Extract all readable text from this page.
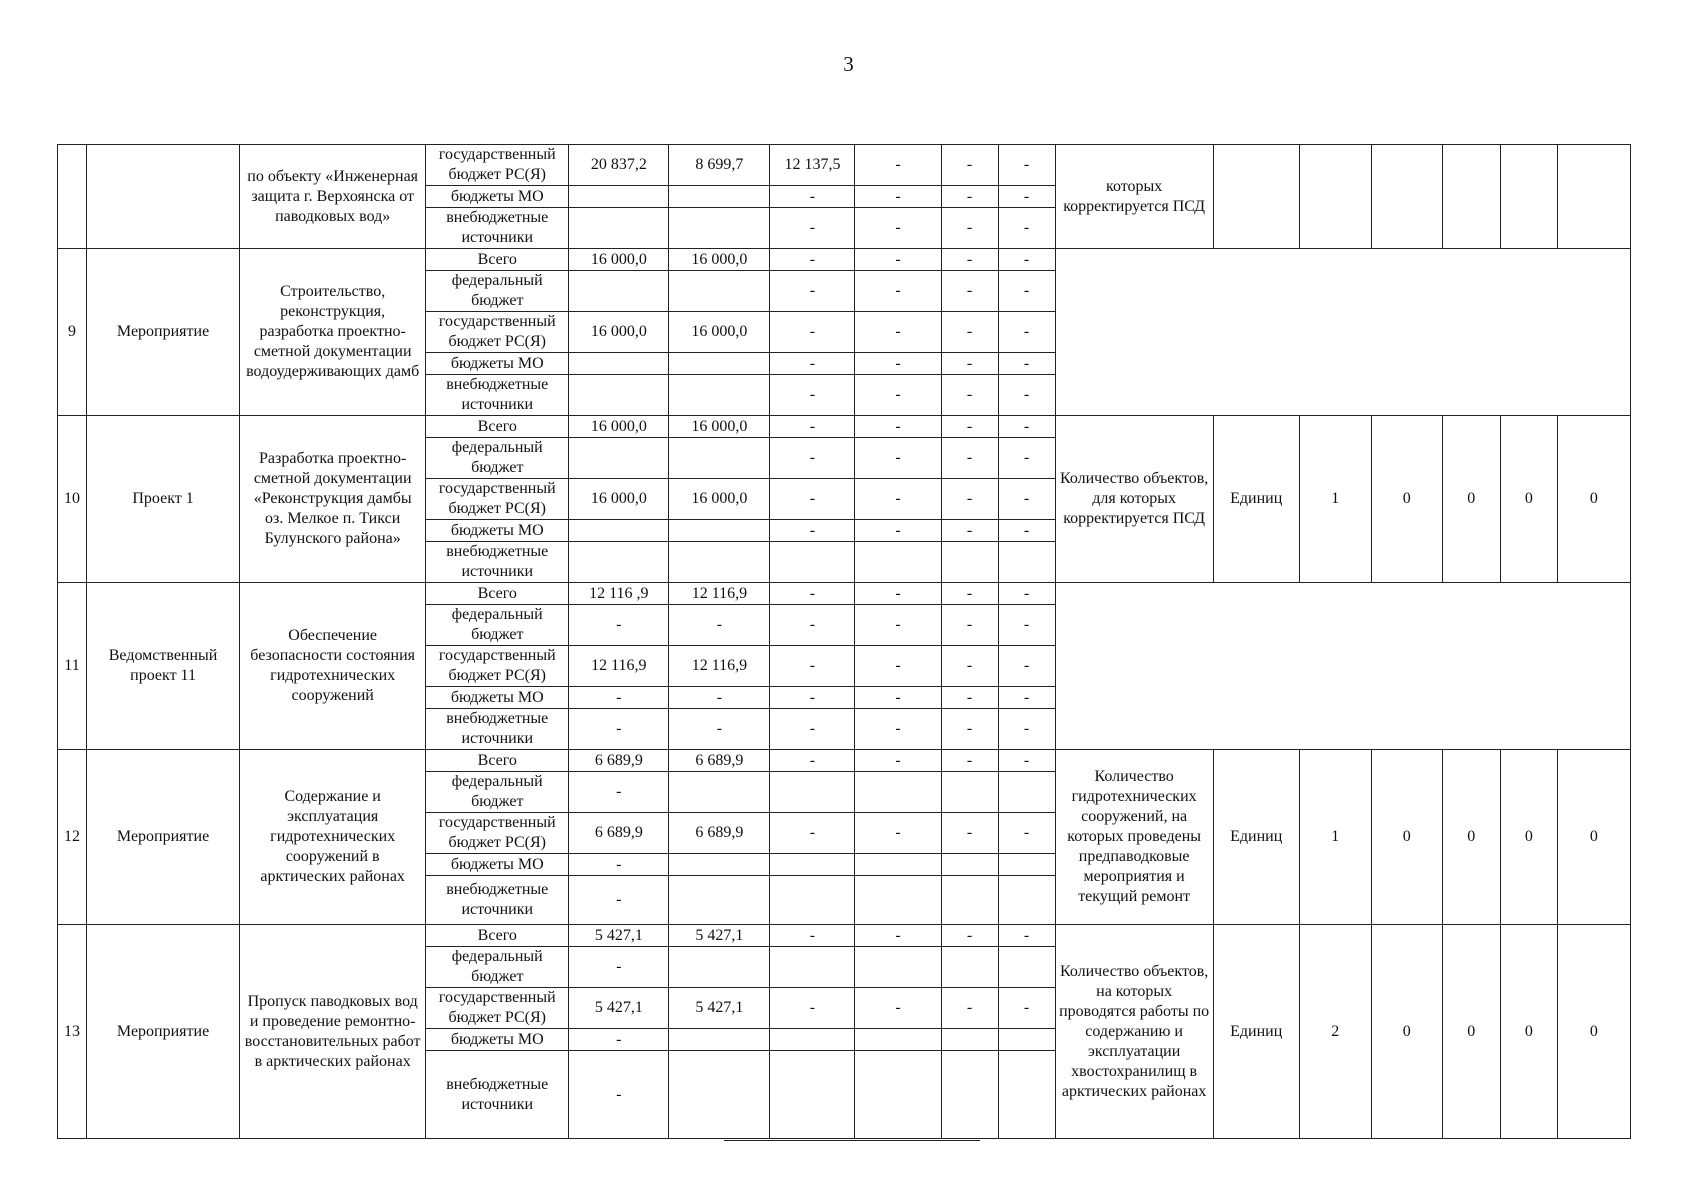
3
		по объекту «Инженерная защита г. Верхоянска от паводковых вод»	государственный бюджет РС(Я)	20 837,2	8 699,7	12 137,5	-	-	-	которых корректируется ПСД						
			бюджеты МО			-	-	-	-							
			внебюджетные источники			-	-	-	-							
9	Мероприятие	Строительство, реконструкция, разработка проектно-сметной документации водоудерживающих дамб	Всего	16 000,0	16 000,0	-	-	-	-							
			федеральный бюджет			-	-	-	-							
			государственный бюджет РС(Я)	16 000,0	16 000,0	-	-	-	-							
			бюджеты МО			-	-	-	-							
			внебюджетные источники			-	-	-	-							
10	Проект 1	Разработка проектно-сметной документации «Реконструкция дамбы оз. Мелкое п. Тикси Булунского района»	Всего	16 000,0	16 000,0	-	-	-	-	Количество объектов, для которых корректируется ПСД	Единиц	1	0	0	0	0
			федеральный бюджет			-	-	-	-							
			государственный бюджет РС(Я)	16 000,0	16 000,0	-	-	-	-							
			бюджеты МО			-	-	-	-							
			внебюджетные источники													
11	Ведомственный проект 11	Обеспечение безопасности состояния гидротехнических сооружений	Всего	12 116 ,9	12 116,9	-	-	-	-							
			федеральный бюджет	-	-	-	-	-	-							
			государственный бюджет РС(Я)	12 116,9	12 116,9	-	-	-	-							
			бюджеты МО	-	-	-	-	-	-							
			внебюджетные источники	-	-	-	-	-	-							
12	Мероприятие	Содержание и эксплуатация гидротехнических сооружений в арктических районах	Всего	6 689,9	6 689,9	-	-	-	-	Количество гидротехнических сооружений, на которых проведены предпаводковые мероприятия и текущий ремонт	Единиц	1	0	0	0	0
			федеральный бюджет	-												
			государственный бюджет РС(Я)	6 689,9	6 689,9	-	-	-	-							
			бюджеты МО	-												
			внебюджетные источники	-												
13	Мероприятие	Пропуск паводковых вод и проведение ремонтно-восстановительных работ в арктических районах	Всего	5 427,1	5 427,1	-	-	-	-	Количество объектов, на которых проводятся работы по содержанию и эксплуатации хвостохранилищ в арктических районах	Единиц	2	0	0	0	0
			федеральный бюджет	-												
			государственный бюджет РС(Я)	5 427,1	5 427,1	-	-	-	-							
			бюджеты МО	-												
			внебюджетные источники	-												
